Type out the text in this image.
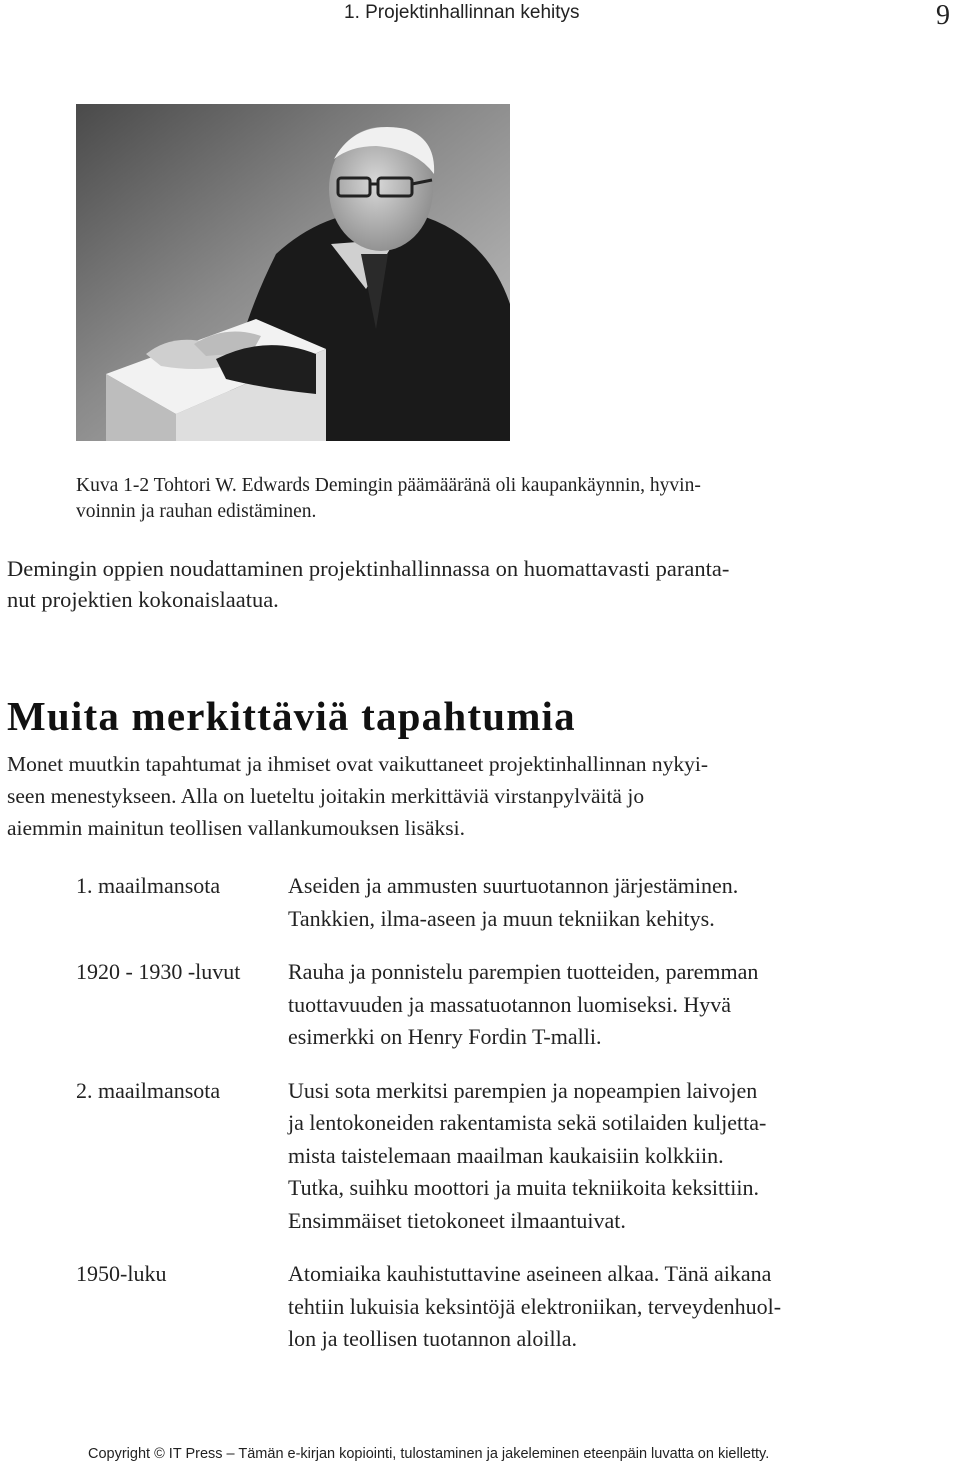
1. Projektinhallinnan kehitys	9
Kuva 1-2 Tohtori W. Edwards Demingin päämääränä oli kaupankäynnin, hyvin-
voinnin ja rauhan edistäminen.
Demingin oppien noudattaminen projektinhallinnassa on huomattavasti paranta-
nut projektien kokonaislaatua.
Muita merkittäviä tapahtumia
Monet muutkin tapahtumat ja ihmiset ovat vaikuttaneet projektinhallinnan nykyi-
seen menestykseen. Alla on lueteltu joitakin merkittäviä virstanpylväitä jo
aiemmin mainitun teollisen vallankumouksen lisäksi.
1. maailmansota	Aseiden ja ammusten suurtuotannon järjestäminen.
Tankkien, ilma-aseen ja muun tekniikan kehitys.
1920 - 1930 -luvut	Rauha ja ponnistelu parempien tuotteiden, paremman
tuottavuuden ja massatuotannon luomiseksi. Hyvä
esimerkki on Henry Fordin T-malli.
2. maailmansota	Uusi sota merkitsi parempien ja nopeampien laivojen
ja lentokoneiden rakentamista sekä sotilaiden kuljetta-
mista taistelemaan maailman kaukaisiin kolkkiin.
Tutka, suihku moottori ja muita tekniikoita keksittiin.
Ensimmäiset tietokoneet ilmaantuivat.
1950-luku	Atomiaika kauhistuttavine aseineen alkaa. Tänä aikana
tehtiin lukuisia keksintöjä elektroniikan, terveydenhuol-
lon ja teollisen tuotannon aloilla.
Copyright © IT Press – Tämän e-kirjan kopiointi, tulostaminen ja jakeleminen eteenpäin luvatta on kielletty.
